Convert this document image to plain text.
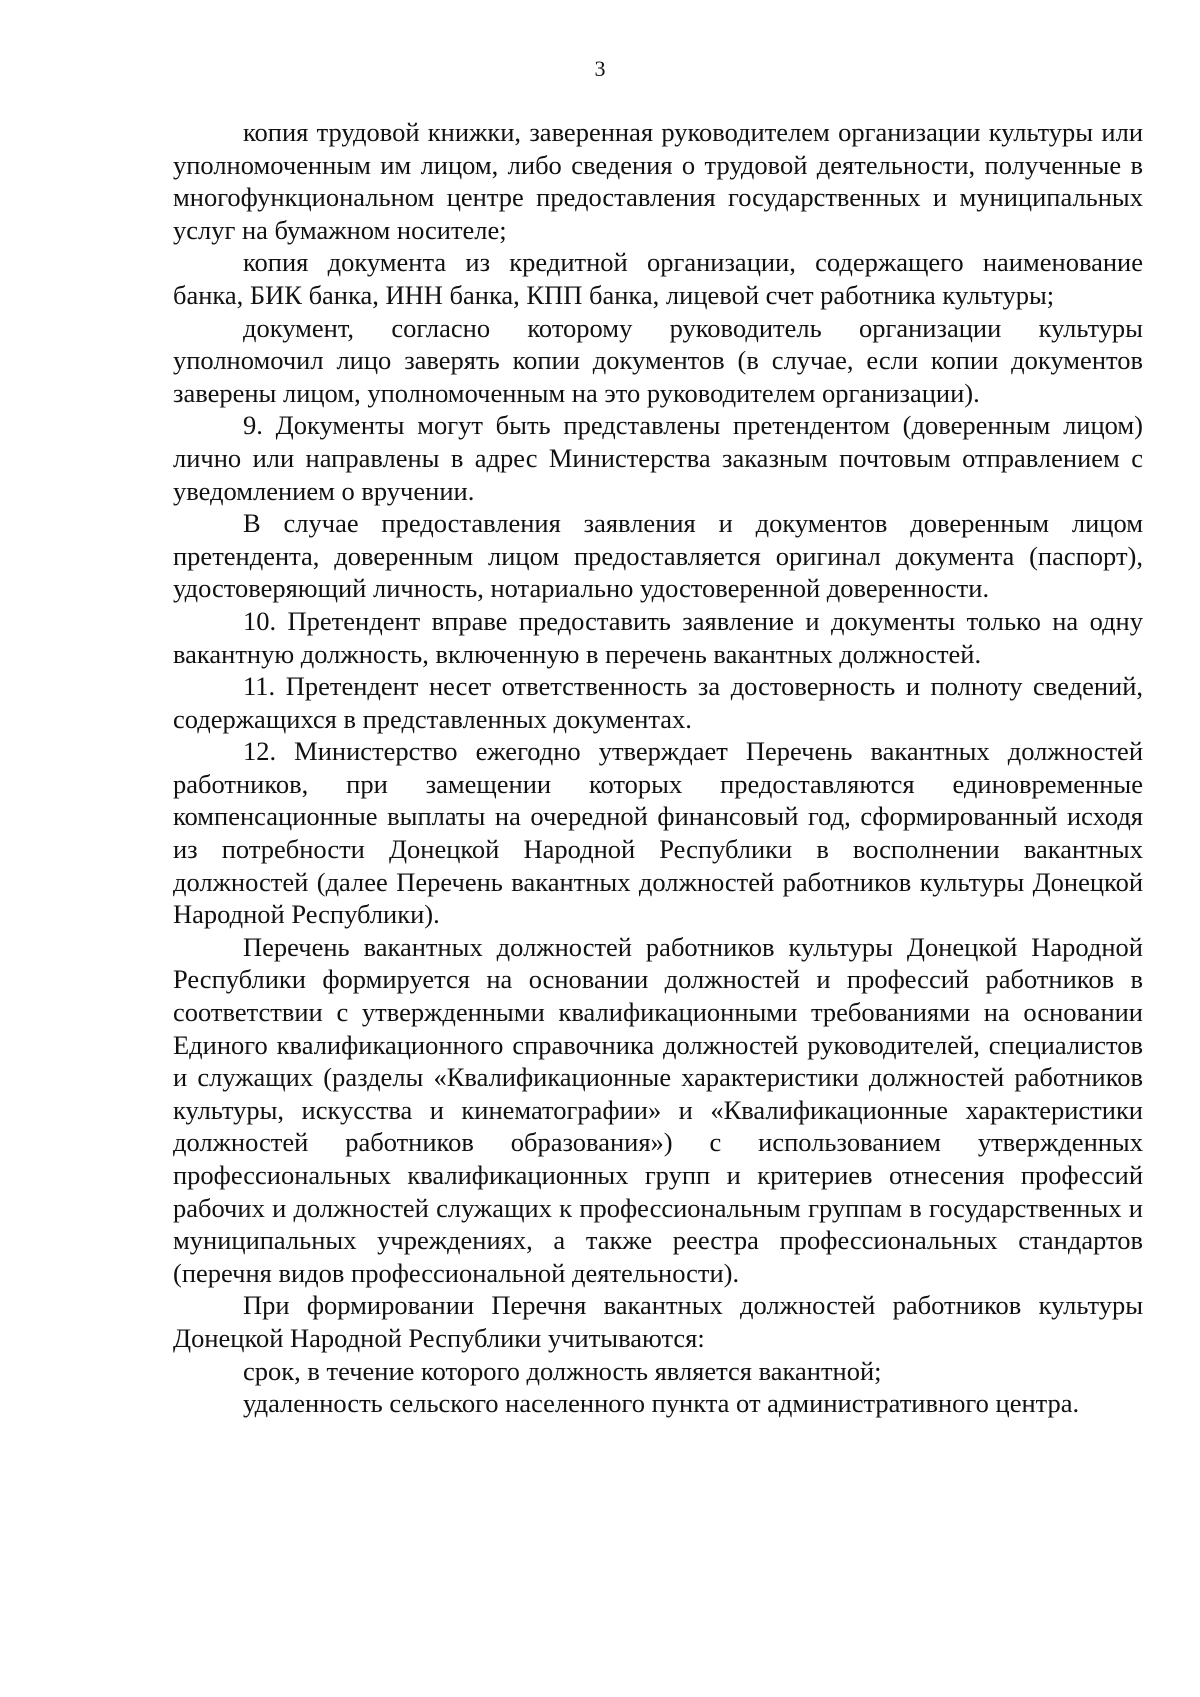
3

копия трудовой книжки, заверенная руководителем организации культуры или уполномоченным им лицом, либо сведения о трудовой деятельности, полученные в многофункциональном центре предоставления государственных и муниципальных услуг на бумажном носителе;

копия документа из кредитной организации, содержащего наименование банка, БИК банка, ИНН банка, КПП банка, лицевой счет работника культуры;

документ, согласно которому руководитель организации культуры уполномочил лицо заверять копии документов (в случае, если копии документов заверены лицом, уполномоченным на это руководителем организации).

9. Документы могут быть представлены претендентом (доверенным лицом) лично или направлены в адрес Министерства заказным почтовым отправлением с уведомлением о вручении.

В случае предоставления заявления и документов доверенным лицом претендента, доверенным лицом предоставляется оригинал документа (паспорт), удостоверяющий личность, нотариально удостоверенной доверенности.

10. Претендент вправе предоставить заявление и документы только на одну вакантную должность, включенную в перечень вакантных должностей.

11. Претендент несет ответственность за достоверность и полноту сведений, содержащихся в представленных документах.

12. Министерство ежегодно утверждает Перечень вакантных должностей работников, при замещении которых предоставляются единовременные компенсационные выплаты на очередной финансовый год, сформированный исходя из потребности Донецкой Народной Республики в восполнении вакантных должностей (далее Перечень вакантных должностей работников культуры Донецкой Народной Республики).

Перечень вакантных должностей работников культуры Донецкой Народной Республики формируется на основании должностей и профессий работников в соответствии с утвержденными квалификационными требованиями на основании Единого квалификационного справочника должностей руководителей, специалистов и служащих (разделы «Квалификационные характеристики должностей работников культуры, искусства и кинематографии» и «Квалификационные характеристики должностей работников образования») с использованием утвержденных профессиональных квалификационных групп и критериев отнесения профессий рабочих и должностей служащих к профессиональным группам в государственных и муниципальных учреждениях, а также реестра профессиональных стандартов (перечня видов профессиональной деятельности).

При формировании Перечня вакантных должностей работников культуры Донецкой Народной Республики учитываются:

срок, в течение которого должность является вакантной;

удаленность сельского населенного пункта от административного центра.
